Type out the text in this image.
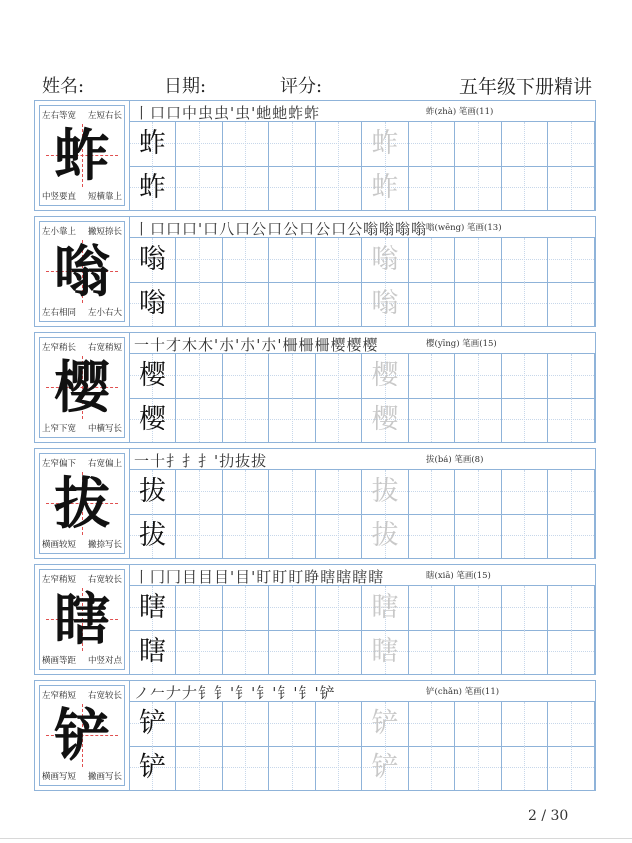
姓名:	日期:	评分:	五年级下册精讲
左右等宽 左短右长
蚱
中竖要直 短横靠上
丨口口中虫虫'虫'虵虵蚱蚱	蚱(zhà) 笔画(11)
蚱	蚱
蚱	蚱
左小靠上 撇短捺长
嗡
左右相同 左小右大
丨口口口'口八口公口公口公口公嗡嗡嗡嗡
嗡(wēng) 笔画(13)
嗡	嗡
嗡	嗡
左窄稍长 右宽稍短
樱
上窄下宽 中横写长
一十才木木'朩'朩'朩'柵柵柵樱樱樱	樱(yīng) 笔画(15)
樱	樱
樱	樱
左窄偏下 右宽偏上
拔
横画较短 撇捺写长
一十扌扌扌'扐抜拔	拔(bá) 笔画(8)
拔	拔
拔	拔
左窄稍短 右宽较长
瞎
横画等距 中竖对点
丨冂冂目目目'目'盯盯盯睁瞎瞎瞎瞎	瞎(xiā) 笔画(15)
瞎	瞎
瞎	瞎
左窄稍短 右宽较长
铲
横画写短 撇画写长
ノ𠂉𠂇𠂇钅钅'钅'钅'钅'钅'铲	铲(chǎn) 笔画(11)
铲	铲
铲	铲
2 / 30
